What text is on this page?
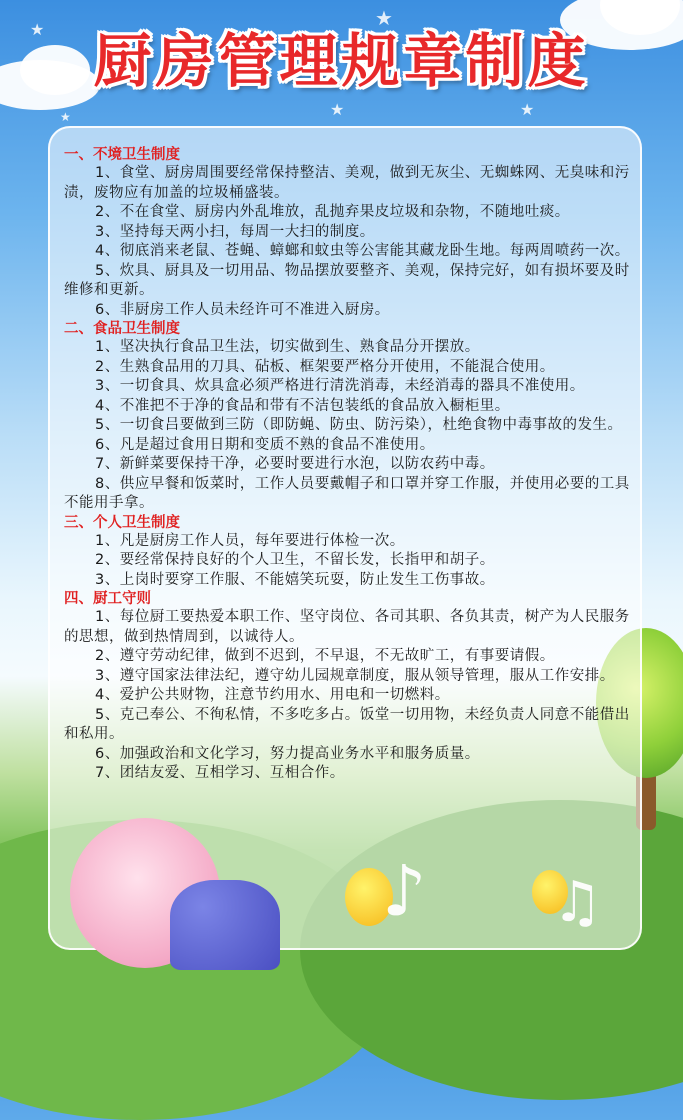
★	★
★	★
★
厨房管理规章制度
♪ ♫

一、不境卫生制度

1、食堂、厨房周围要经常保持整洁、美观，做到无灰尘、无蜘蛛网、无臭味和污渍，废物应有加盖的垃圾桶盛装。

2、不在食堂、厨房内外乱堆放，乱抛弃果皮垃圾和杂物，不随地吐痰。

3、坚持每天两小扫，每周一大扫的制度。

4、彻底消来老鼠、苍蝇、蟑螂和蚊虫等公害能其藏龙卧生地。每两周喷药一次。

5、炊具、厨具及一切用品、物品摆放要整齐、美观，保持完好，如有损坏要及时维修和更新。

6、非厨房工作人员未经许可不准进入厨房。

二、食品卫生制度

1、坚决执行食品卫生法，切实做到生、熟食品分开摆放。

2、生熟食品用的刀具、砧板、框架要严格分开使用，不能混合使用。

3、一切食具、炊具盒必须严格进行清洗消毒，未经消毒的器具不准使用。

4、不准把不于净的食品和带有不洁包装纸的食品放入橱柜里。

5、一切食吕要做到三防（即防蝇、防虫、防污染），杜绝食物中毒事故的发生。

6、凡是超过食用日期和变质不熟的食品不准使用。

7、新鲜菜要保持干净，必要时要进行水泡，以防农药中毒。

8、供应早餐和饭菜时，工作人员要戴帽子和口罩并穿工作服，并使用必要的工具不能用手拿。

三、个人卫生制度

1、凡是厨房工作人员，每年要进行体检一次。

2、要经常保持良好的个人卫生，不留长发，长指甲和胡子。

3、上岗时要穿工作服、不能嬉笑玩耍，防止发生工伤事故。

四、厨工守则

1、每位厨工要热爱本职工作、坚守岗位、各司其职、各负其责，树产为人民服务的思想，做到热情周到，以诚待人。

2、遵守劳动纪律，做到不迟到，不早退，不无故旷工，有事要请假。

3、遵守国家法律法纪，遵守幼儿园规章制度，服从领导管理，服从工作安排。

4、爱护公共财物，注意节约用水、用电和一切燃料。

5、克己奉公、不徇私情，不多吃多占。饭堂一切用物，未经负责人同意不能借出和私用。

6、加强政治和文化学习，努力提高业务水平和服务质量。

7、团结友爱、互相学习、互相合作。
